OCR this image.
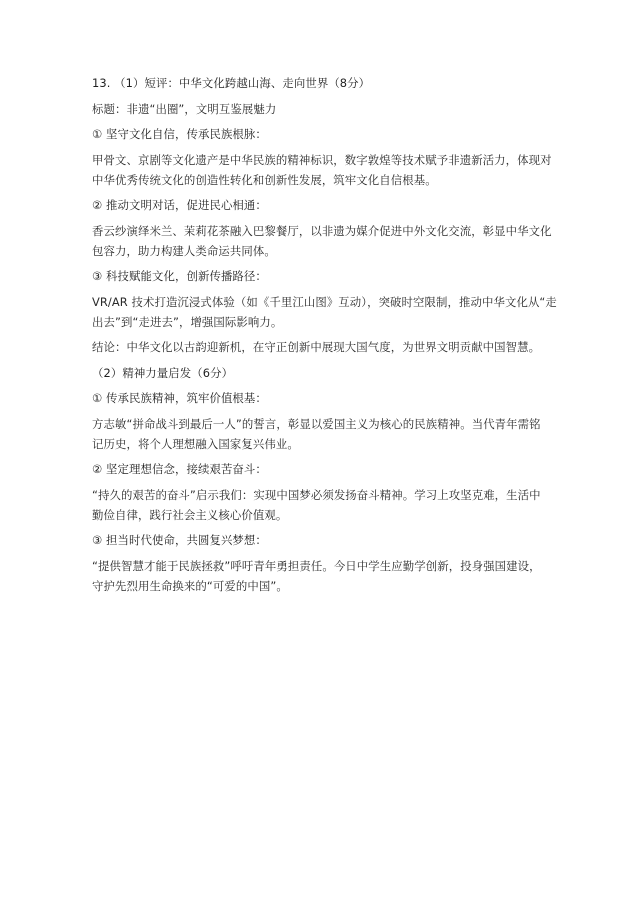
13. （1）短评：中华文化跨越山海、走向世界（8分）

标题：非遗“出圈”，文明互鉴展魅力

① 坚守文化自信，传承民族根脉：

甲骨文、京剧等文化遗产是中华民族的精神标识，数字敦煌等技术赋予非遗新活力，体现对

中华优秀传统文化的创造性转化和创新性发展，筑牢文化自信根基。

② 推动文明对话，促进民心相通：

香云纱演绎米兰、茉莉花茶融入巴黎餐厅，以非遗为媒介促进中外文化交流，彰显中华文化

包容力，助力构建人类命运共同体。

③ 科技赋能文化，创新传播路径：

VR/AR 技术打造沉浸式体验（如《千里江山图》互动），突破时空限制，推动中华文化从“走

出去”到“走进去”，增强国际影响力。

结论：中华文化以古韵迎新机，在守正创新中展现大国气度，为世界文明贡献中国智慧。

（2）精神力量启发（6分）

① 传承民族精神，筑牢价值根基：

方志敏“拼命战斗到最后一人”的誓言，彰显以爱国主义为核心的民族精神。当代青年需铭

记历史，将个人理想融入国家复兴伟业。

② 坚定理想信念，接续艰苦奋斗：

“持久的艰苦的奋斗”启示我们：实现中国梦必须发扬奋斗精神。学习上攻坚克难，生活中

勤俭自律，践行社会主义核心价值观。

③ 担当时代使命，共圆复兴梦想：

“提供智慧才能于民族拯救”呼吁青年勇担责任。今日中学生应勤学创新，投身强国建设，

守护先烈用生命换来的“可爱的中国”。
